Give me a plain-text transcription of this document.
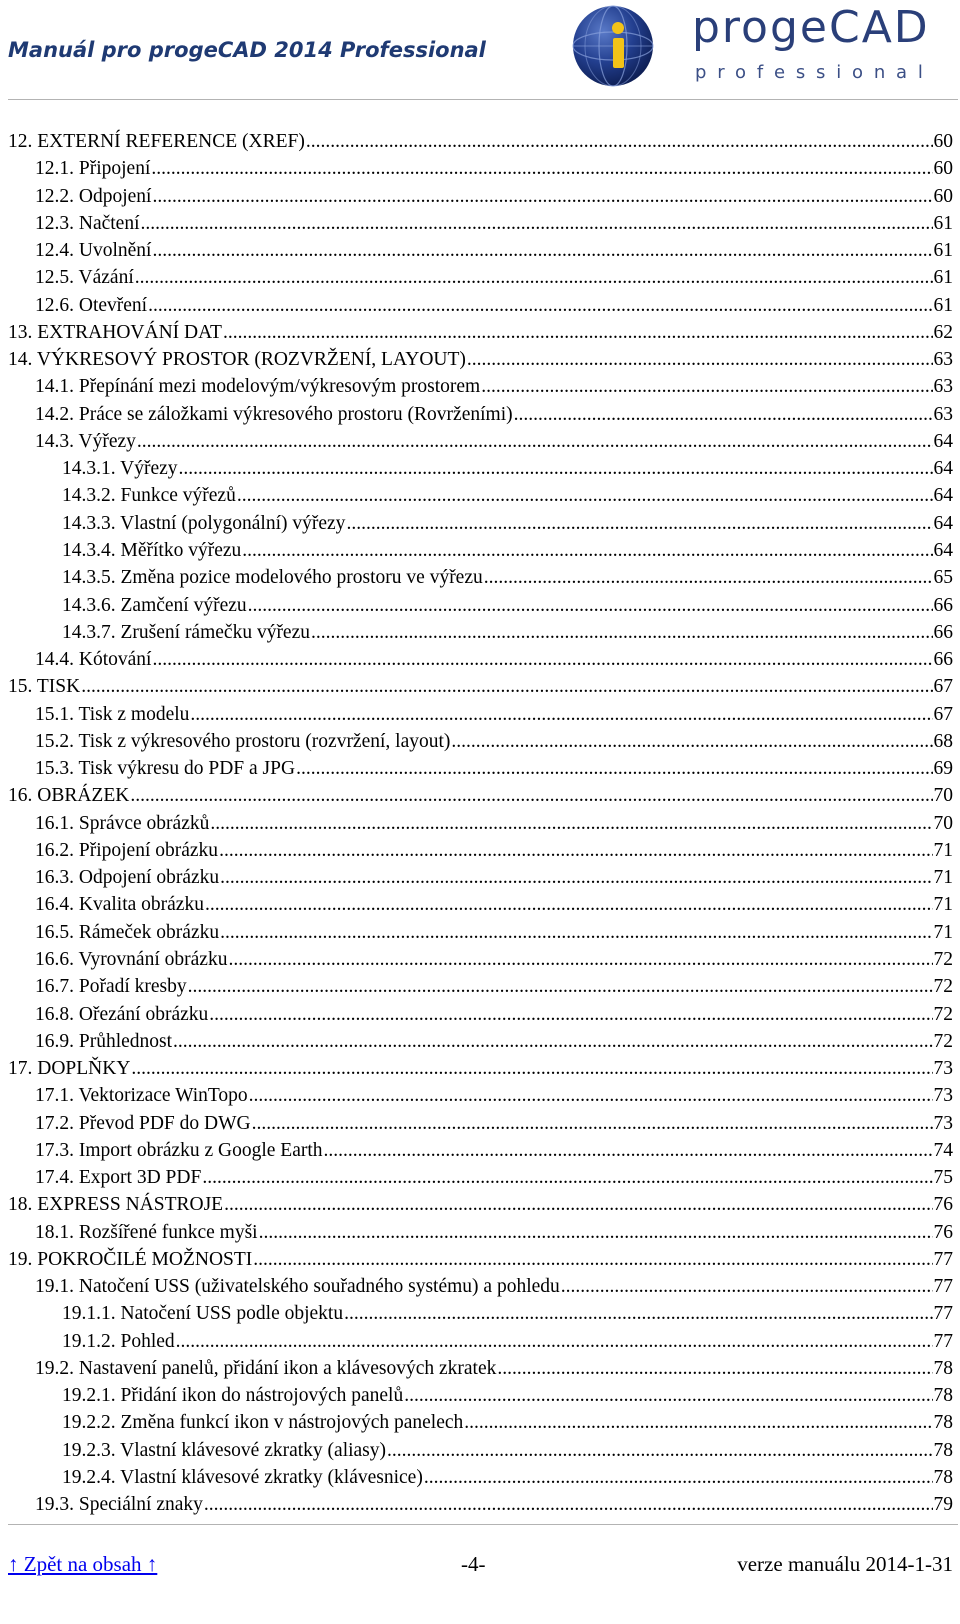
Manuál pro progeCAD 2014 Professional	progeCAD
professional
12. EXTERNÍ REFERENCE (XREF) .....	60
12.1. Připojení .....	60
12.2. Odpojení .....	60
12.3. Načtení .....	61
12.4. Uvolnění .....	61
12.5. Vázání .....	61
12.6. Otevření .....	61
13. EXTRAHOVÁNÍ DAT .....	62
14. VÝKRESOVÝ PROSTOR (ROZVRŽENÍ, LAYOUT) .....	63
14.1. Přepínání mezi modelovým/výkresovým prostorem .....	63
14.2. Práce se záložkami výkresového prostoru (Rovrženími) .....	63
14.3. Výřezy .....	64
14.3.1. Výřezy .....	64
14.3.2. Funkce výřezů .....	64
14.3.3. Vlastní (polygonální) výřezy .....	64
14.3.4. Měřítko výřezu .....	64
14.3.5. Změna pozice modelového prostoru ve výřezu .....	65
14.3.6. Zamčení výřezu .....	66
14.3.7. Zrušení rámečku výřezu .....	66
14.4. Kótování .....	66
15. TISK .....	67
15.1. Tisk z modelu .....	67
15.2. Tisk z výkresového prostoru (rozvržení, layout) .....	68
15.3. Tisk výkresu do PDF a JPG .....	69
16. OBRÁZEK .....	70
16.1. Správce obrázků .....	70
16.2. Připojení obrázku .....	71
16.3. Odpojení obrázku .....	71
16.4. Kvalita obrázku .....	71
16.5. Rámeček obrázku .....	71
16.6. Vyrovnání obrázku .....	72
16.7. Pořadí kresby .....	72
16.8. Ořezání obrázku .....	72
16.9. Průhlednost .....	72
17. DOPLŇKY .....	73
17.1. Vektorizace WinTopo .....	73
17.2. Převod PDF do DWG .....	73
17.3. Import obrázku z Google Earth .....	74
17.4. Export 3D PDF .....	75
18. EXPRESS NÁSTROJE .....	76
18.1. Rozšířené funkce myši .....	76
19. POKROČILÉ MOŽNOSTI .....	77
19.1. Natočení USS (uživatelského souřadného systému) a pohledu .....	77
19.1.1. Natočení USS podle objektu .....	77
19.1.2. Pohled .....	77
19.2. Nastavení panelů, přidání ikon a klávesových zkratek .....	78
19.2.1. Přidání ikon do nástrojových panelů .....	78
19.2.2. Změna funkcí ikon v nástrojových panelech .....	78
19.2.3. Vlastní klávesové zkratky (aliasy) .....	78
19.2.4. Vlastní klávesové zkratky (klávesnice) .....	78
19.3. Speciální znaky .....	79
↑ Zpět na obsah ↑	-4-	verze manuálu 2014-1-31
